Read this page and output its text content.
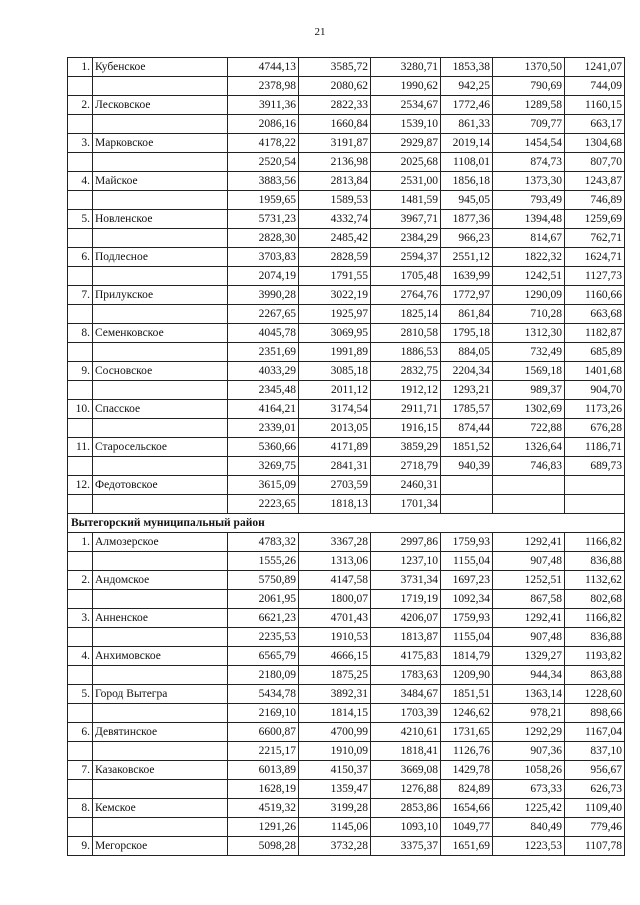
21
1.	Кубенское	4744,13	3585,72	3280,71	1853,38	1370,50	1241,07
		2378,98	2080,62	1990,62	942,25	790,69	744,09
2.	Лесковское	3911,36	2822,33	2534,67	1772,46	1289,58	1160,15
		2086,16	1660,84	1539,10	861,33	709,77	663,17
3.	Марковское	4178,22	3191,87	2929,87	2019,14	1454,54	1304,68
		2520,54	2136,98	2025,68	1108,01	874,73	807,70
4.	Майское	3883,56	2813,84	2531,00	1856,18	1373,30	1243,87
		1959,65	1589,53	1481,59	945,05	793,49	746,89
5.	Новленское	5731,23	4332,74	3967,71	1877,36	1394,48	1259,69
		2828,30	2485,42	2384,29	966,23	814,67	762,71
6.	Подлесное	3703,83	2828,59	2594,37	2551,12	1822,32	1624,71
		2074,19	1791,55	1705,48	1639,99	1242,51	1127,73
7.	Прилукское	3990,28	3022,19	2764,76	1772,97	1290,09	1160,66
		2267,65	1925,97	1825,14	861,84	710,28	663,68
8.	Семенковское	4045,78	3069,95	2810,58	1795,18	1312,30	1182,87
		2351,69	1991,89	1886,53	884,05	732,49	685,89
9.	Сосновское	4033,29	3085,18	2832,75	2204,34	1569,18	1401,68
		2345,48	2011,12	1912,12	1293,21	989,37	904,70
10.	Спасское	4164,21	3174,54	2911,71	1785,57	1302,69	1173,26
		2339,01	2013,05	1916,15	874,44	722,88	676,28
11.	Старосельское	5360,66	4171,89	3859,29	1851,52	1326,64	1186,71
		3269,75	2841,31	2718,79	940,39	746,83	689,73
12.	Федотовское	3615,09	2703,59	2460,31			
		2223,65	1818,13	1701,34			
Вытегорский муниципальный район							
1.	Алмозерское	4783,32	3367,28	2997,86	1759,93	1292,41	1166,82
		1555,26	1313,06	1237,10	1155,04	907,48	836,88
2.	Андомское	5750,89	4147,58	3731,34	1697,23	1252,51	1132,62
		2061,95	1800,07	1719,19	1092,34	867,58	802,68
3.	Анненское	6621,23	4701,43	4206,07	1759,93	1292,41	1166,82
		2235,53	1910,53	1813,87	1155,04	907,48	836,88
4.	Анхимовское	6565,79	4666,15	4175,83	1814,79	1329,27	1193,82
		2180,09	1875,25	1783,63	1209,90	944,34	863,88
5.	Город Вытегра	5434,78	3892,31	3484,67	1851,51	1363,14	1228,60
		2169,10	1814,15	1703,39	1246,62	978,21	898,66
6.	Девятинское	6600,87	4700,99	4210,61	1731,65	1292,29	1167,04
		2215,17	1910,09	1818,41	1126,76	907,36	837,10
7.	Казаковское	6013,89	4150,37	3669,08	1429,78	1058,26	956,67
		1628,19	1359,47	1276,88	824,89	673,33	626,73
8.	Кемское	4519,32	3199,28	2853,86	1654,66	1225,42	1109,40
		1291,26	1145,06	1093,10	1049,77	840,49	779,46
9.	Мегорское	5098,28	3732,28	3375,37	1651,69	1223,53	1107,78
